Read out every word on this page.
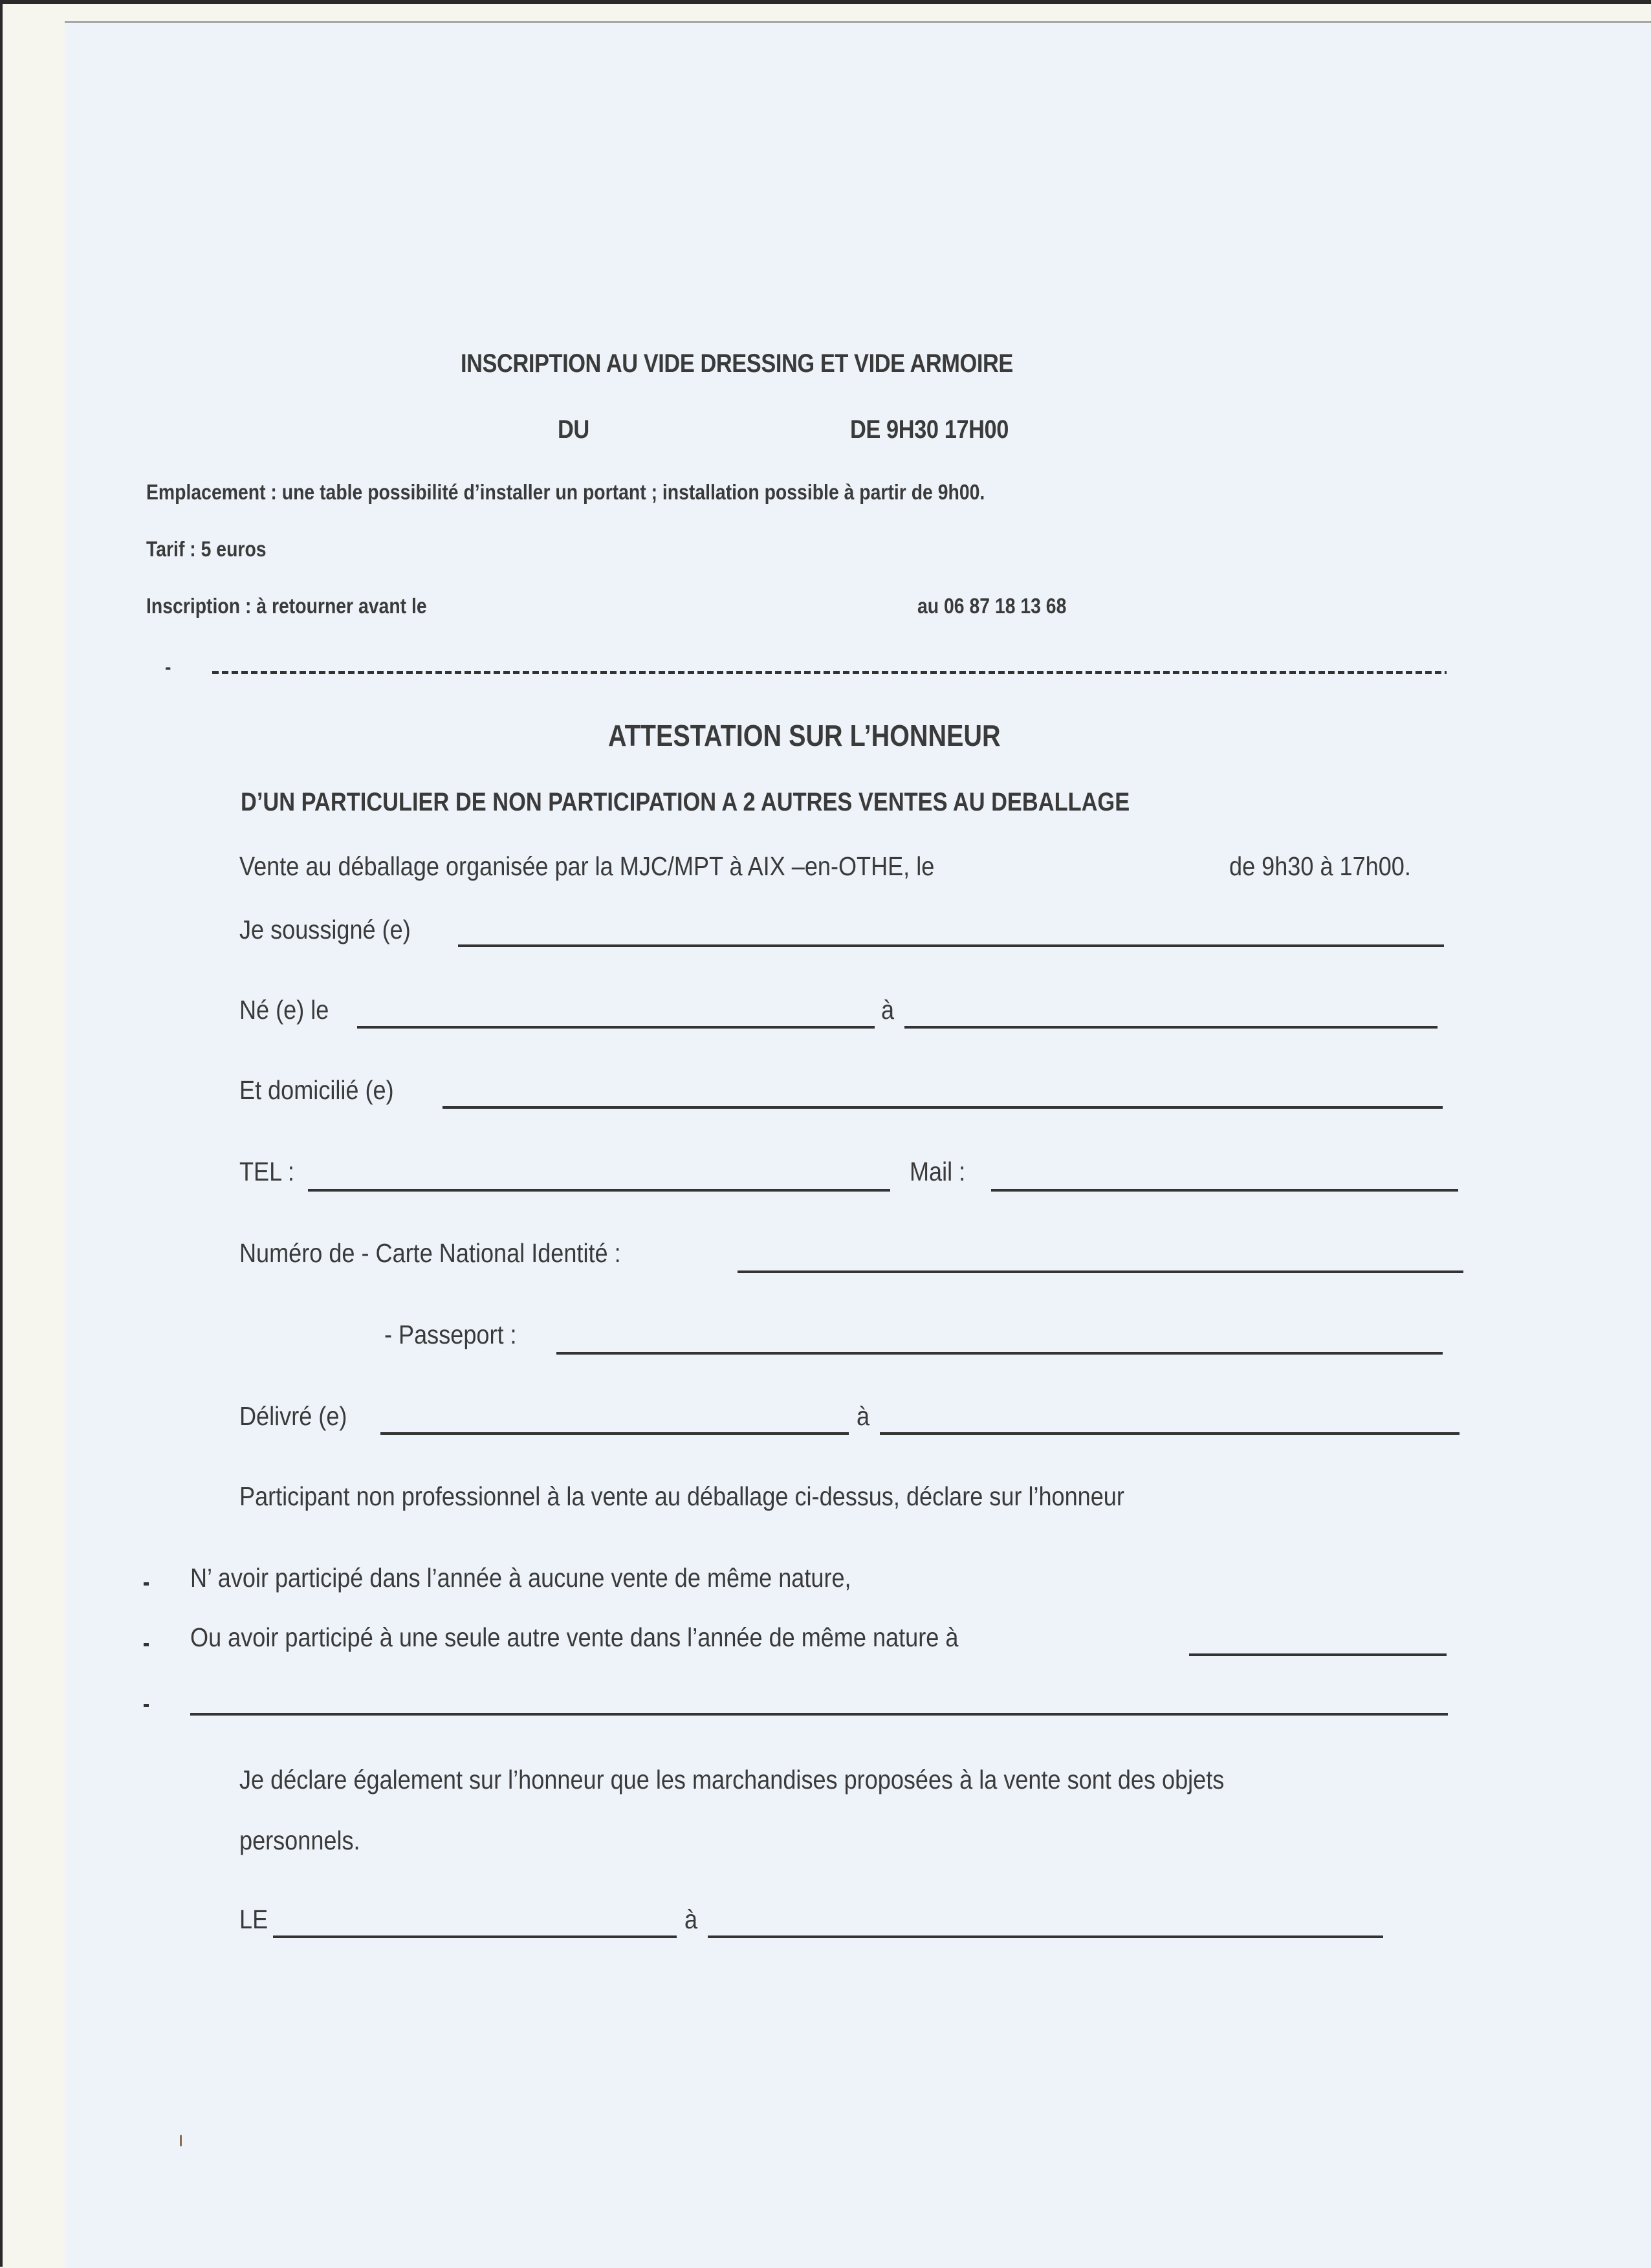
INSCRIPTION AU VIDE DRESSING ET VIDE ARMOIRE
DU	DE 9H30 17H00
Emplacement : une table possibilité d’installer un portant ; installation possible à partir de 9h00.
Tarif : 5 euros
Inscription : à retourner avant le	au 06 87 18 13 68
-
ATTESTATION SUR L’HONNEUR
D’UN PARTICULIER DE NON PARTICIPATION A 2 AUTRES VENTES AU DEBALLAGE
Vente au déballage organisée par la MJC/MPT à AIX –en-OTHE, le	de 9h30 à 17h00.
Je soussigné (e)
Né (e) le	à
Et domicilié (e)
TEL :	Mail :
Numéro de - Carte National Identité :
- Passeport :
Délivré (e)	à
Participant non professionnel à la vente au déballage ci-dessus, déclare sur l’honneur
N’ avoir participé dans l’année à aucune vente de même nature,
Ou avoir participé à une seule autre vente dans l’année de même nature à
Je déclare également sur l’honneur que les marchandises proposées à la vente sont des objets
personnels.
LE	à
